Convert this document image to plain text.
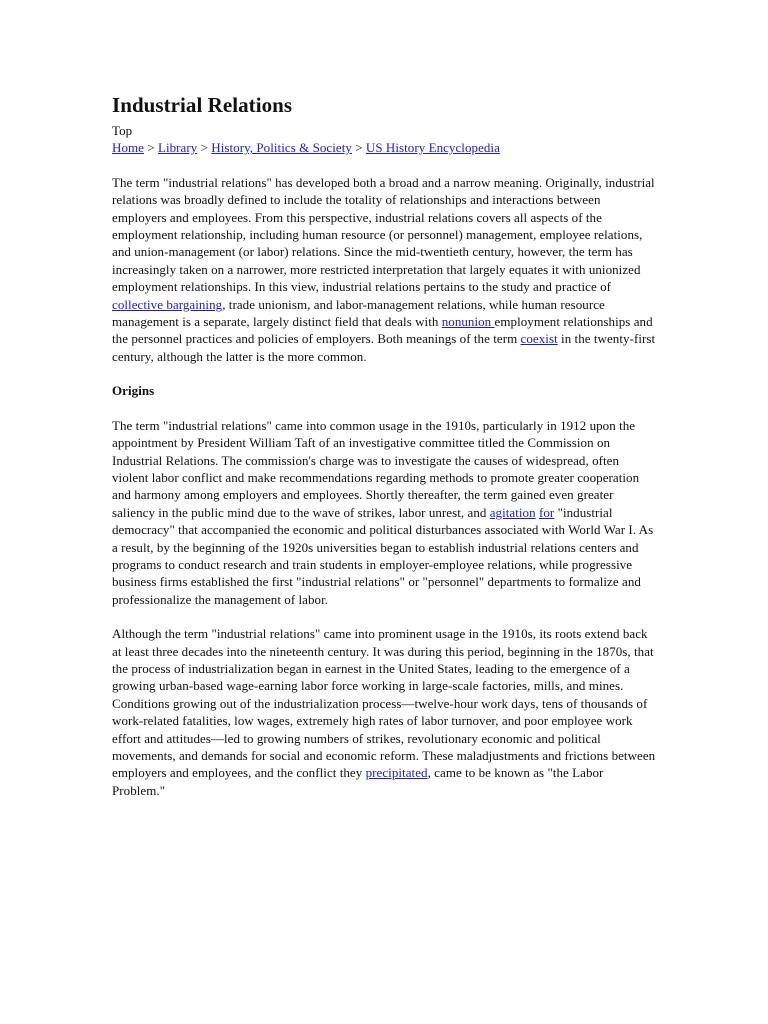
Industrial Relations
Top
Home > Library > History, Politics & Society > US History Encyclopedia

The term "industrial relations" has developed both a broad and a narrow meaning. Originally, industrial relations was broadly defined to include the totality of relationships and interactions between employers and employees. From this perspective, industrial relations covers all aspects of the employment relationship, including human resource (or personnel) management, employee relations, and union-management (or labor) relations. Since the mid-twentieth century, however, the term has increasingly taken on a narrower, more restricted interpretation that largely equates it with unionized employment relationships. In this view, industrial relations pertains to the study and practice of collective bargaining, trade unionism, and labor-management relations, while human resource management is a separate, largely distinct field that deals with nonunion employment relationships and the personnel practices and policies of employers. Both meanings of the term coexist in the twenty-first century, although the latter is the more common.

Origins

The term "industrial relations" came into common usage in the 1910s, particularly in 1912 upon the appointment by President William Taft of an investigative committee titled the Commission on Industrial Relations. The commission's charge was to investigate the causes of widespread, often violent labor conflict and make recommendations regarding methods to promote greater cooperation and harmony among employers and employees. Shortly thereafter, the term gained even greater saliency in the public mind due to the wave of strikes, labor unrest, and agitation for "industrial democracy" that accompanied the economic and political disturbances associated with World War I. As a result, by the beginning of the 1920s universities began to establish industrial relations centers and programs to conduct research and train students in employer-employee relations, while progressive business firms established the first "industrial relations" or "personnel" departments to formalize and professionalize the management of labor.

Although the term "industrial relations" came into prominent usage in the 1910s, its roots extend back at least three decades into the nineteenth century. It was during this period, beginning in the 1870s, that the process of industrialization began in earnest in the United States, leading to the emergence of a growing urban-based wage-earning labor force working in large-scale factories, mills, and mines. Conditions growing out of the industrialization process—twelve-hour work days, tens of thousands of work-related fatalities, low wages, extremely high rates of labor turnover, and poor employee work effort and attitudes—led to growing numbers of strikes, revolutionary economic and political movements, and demands for social and economic reform. These maladjustments and frictions between employers and employees, and the conflict they precipitated, came to be known as "the Labor Problem."
